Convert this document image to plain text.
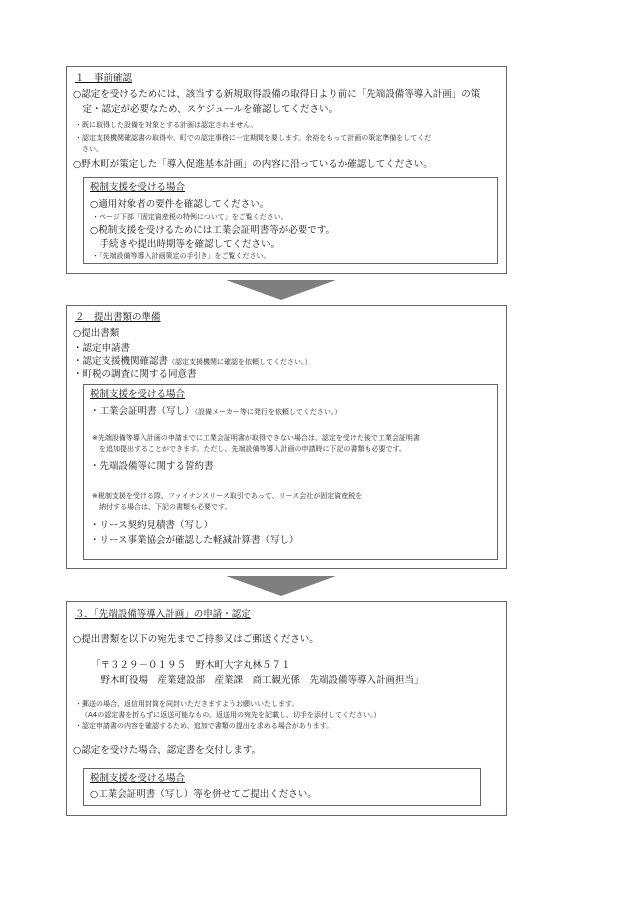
１　事前確認
○認定を受けるためには、該当する新規取得設備の取得日より前に「先端設備等導入計画」の策
　定・認定が必要なため、スケジュールを確認してください。
・既に取得した設備を対象とする計画は認定されません。
・認定支援機関確認書の取得や、町での認定事務に一定期間を要します。余裕をもって計画の策定準備をしてくだ
　さい。
○野木町が策定した「導入促進基本計画」の内容に沿っているか確認してください。
税制支援を受ける場合
○適用対象者の要件を確認してください。
・ページ下部「固定資産税の特例について」をご覧ください。
○税制支援を受けるためには工業会証明書等が必要です。
　手続きや提出時期等を確認してください。
・「先端設備等導入計画策定の手引き」をご覧ください。
２　提出書類の準備
○提出書類
・認定申請書
・認定支援機関確認書（認定支援機関に確認を依頼してください。）
・町税の調査に関する同意書
税制支援を受ける場合
・工業会証明書（写し）（設備メーカー等に発行を依頼してください。）
※先端設備等導入計画の申請までに工業会証明書が取得できない場合は、認定を受けた後で工業会証明書
　を追加提出することができます。ただし、先端設備等導入計画の申請時に下記の書類も必要です。
・先端設備等に関する誓約書
※税制支援を受ける際、ファイナンスリース取引であって、リース会社が固定資産税を
　納付する場合は、下記の書類も必要です。
・リース契約見積書（写し）
・リース事業協会が確認した軽減計算書（写し）
３．「先端設備等導入計画」の申請・認定
○提出書類を以下の宛先までご持参又はご郵送ください。
「〒３２９－０１９５　野木町大字丸林５７１
　野木町役場　産業建設部　産業課　商工観光係　先端設備等導入計画担当」
・郵送の場合、返信用封筒を同封いただきますようお願いいたします。
（A4の認定書を折らずに返送可能なもの。返送用の宛先を記載し、切手を添付してください。）
・認定申請書の内容を確認するため、追加で書類の提出を求める場合があります。
○認定を受けた場合、認定書を交付します。
税制支援を受ける場合
○工業会証明書（写し）等を併せてご提出ください。
